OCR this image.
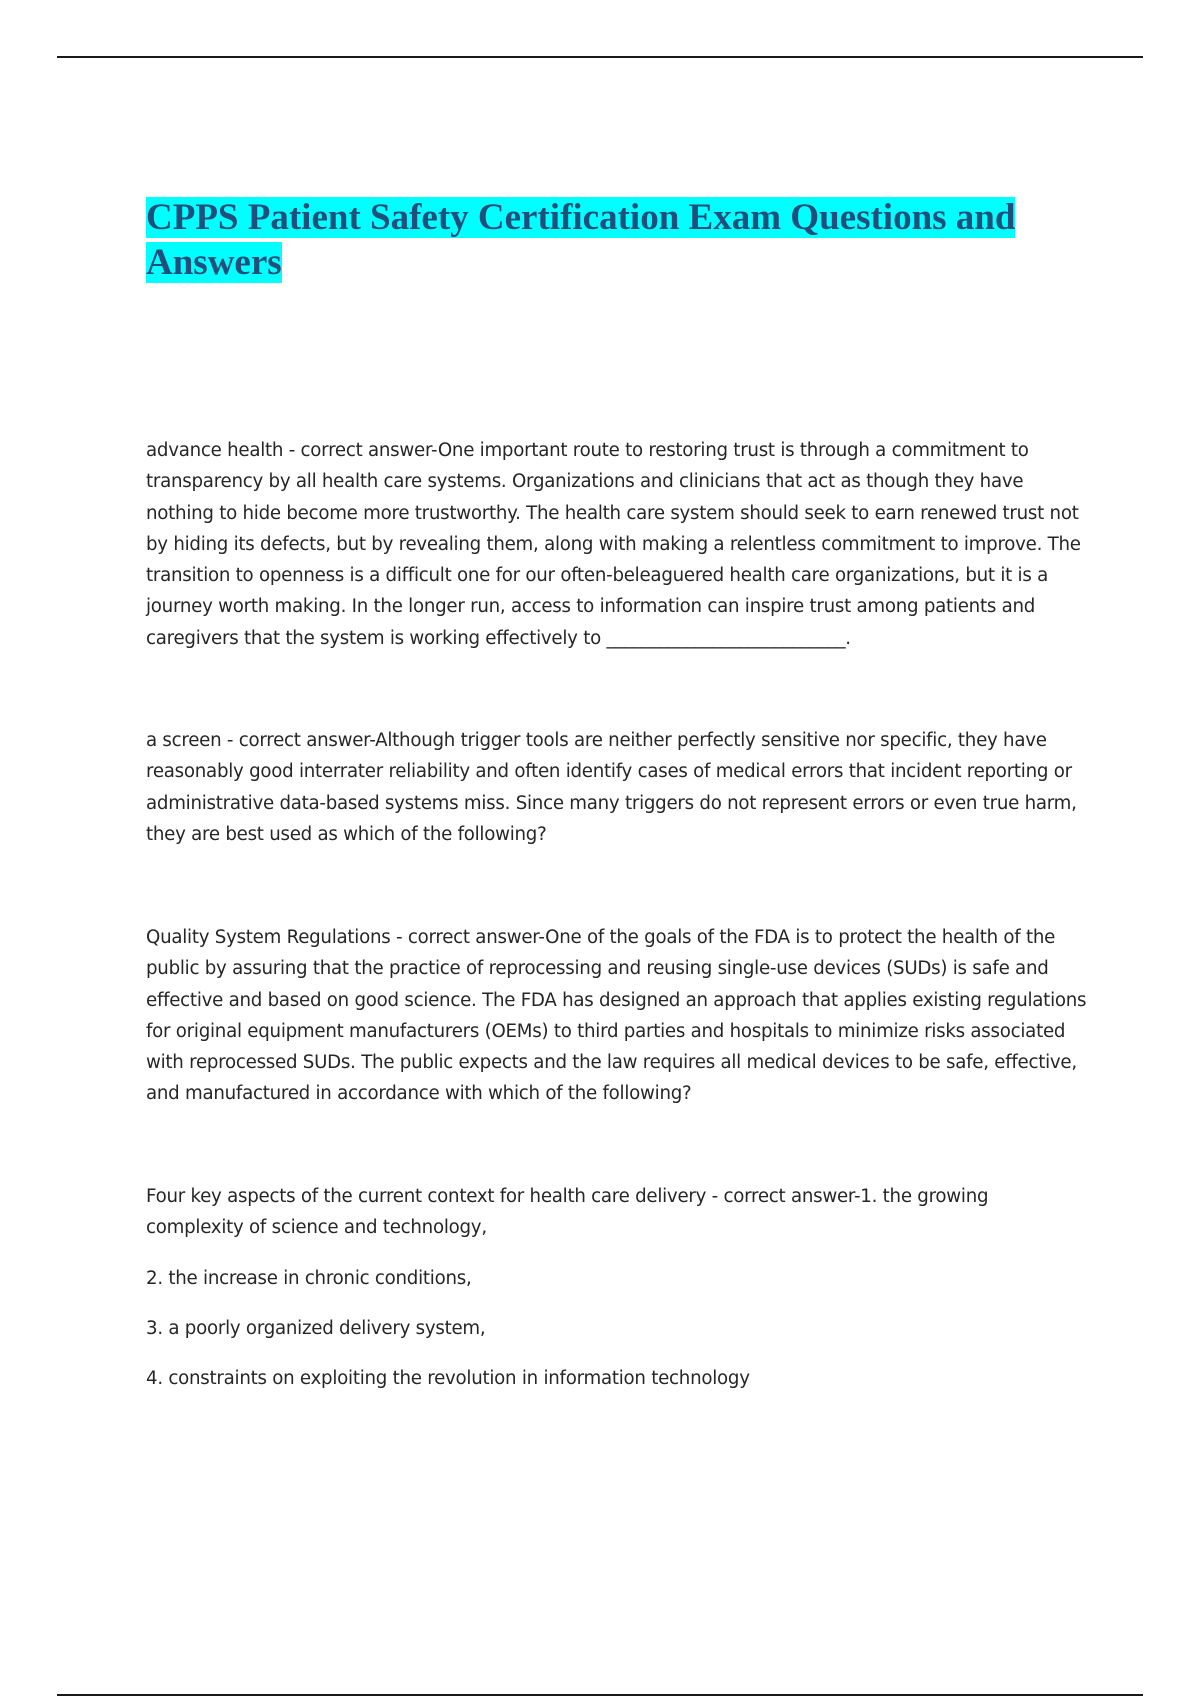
CPPS Patient Safety Certification Exam Questions and Answers

advance health - correct answer-One important route to restoring trust is through a commitment to transparency by all health care systems. Organizations and clinicians that act as though they have nothing to hide become more trustworthy. The health care system should seek to earn renewed trust not by hiding its defects, but by revealing them, along with making a relentless commitment to improve. The transition to openness is a difficult one for our often-beleaguered health care organizations, but it is a journey worth making. In the longer run, access to information can inspire trust among patients and caregivers that the system is working effectively to ___________________________.

a screen - correct answer-Although trigger tools are neither perfectly sensitive nor specific, they have reasonably good interrater reliability and often identify cases of medical errors that incident reporting or administrative data-based systems miss. Since many triggers do not represent errors or even true harm, they are best used as which of the following?

Quality System Regulations - correct answer-One of the goals of the FDA is to protect the health of the public by assuring that the practice of reprocessing and reusing single-use devices (SUDs) is safe and effective and based on good science. The FDA has designed an approach that applies existing regulations for original equipment manufacturers (OEMs) to third parties and hospitals to minimize risks associated with reprocessed SUDs. The public expects and the law requires all medical devices to be safe, effective, and manufactured in accordance with which of the following?

Four key aspects of the current context for health care delivery - correct answer-1. the growing complexity of science and technology,

2. the increase in chronic conditions,

3. a poorly organized delivery system,

4. constraints on exploiting the revolution in information technology
